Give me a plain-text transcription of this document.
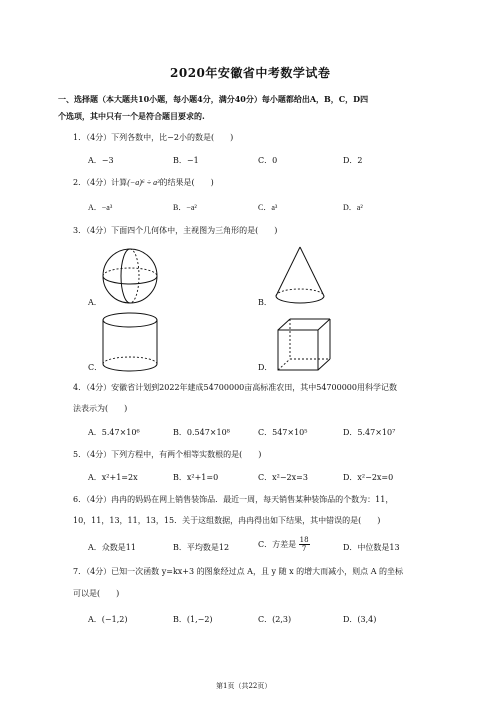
2020年安徽省中考数学试卷
一、选择题（本大题共10小题，每小题4分，满分40分）每小题都给出A，B，C，D四
个选项，其中只有一个是符合题目要求的.
1．（4分）下列各数中，比−2小的数是(　　)
A．−3	B．−1	C．0	D．2
2．（4分）计算(−a)⁶ ÷ a³的结果是(　　)
A．−a³	B．−a²	C．a³	D．a²
3．（4分）下面四个几何体中，主视图为三角形的是(　　)
A．	B．
C．	D．
4．（4分）安徽省计划到2022年建成54700000亩高标准农田，其中54700000用科学记数
法表示为(　　)
A．5.47×10⁶	B．0.547×10⁸	C．547×10⁵	D．5.47×10⁷
5．（4分）下列方程中，有两个相等实数根的是(　　)
A．x²+1=2x	B．x²+1=0	C．x²−2x=3	D．x²−2x=0
6．（4分）冉冉的妈妈在网上销售装饰品．最近一周，每天销售某种装饰品的个数为：11，
10，11，13，11，13，15．关于这组数据，冉冉得出如下结果，其中错误的是(　　)
A．众数是11	B．平均数是12	C．方差是 $\frac{18}{7}$	D．中位数是13
7．（4分）已知一次函数 y=kx+3 的图象经过点 A，且 y 随 x 的增大而减小，则点 A 的坐标
可以是(　　)
A．(−1,2)	B．(1,−2)	C．(2,3)	D．(3,4)
第1页（共22页）
